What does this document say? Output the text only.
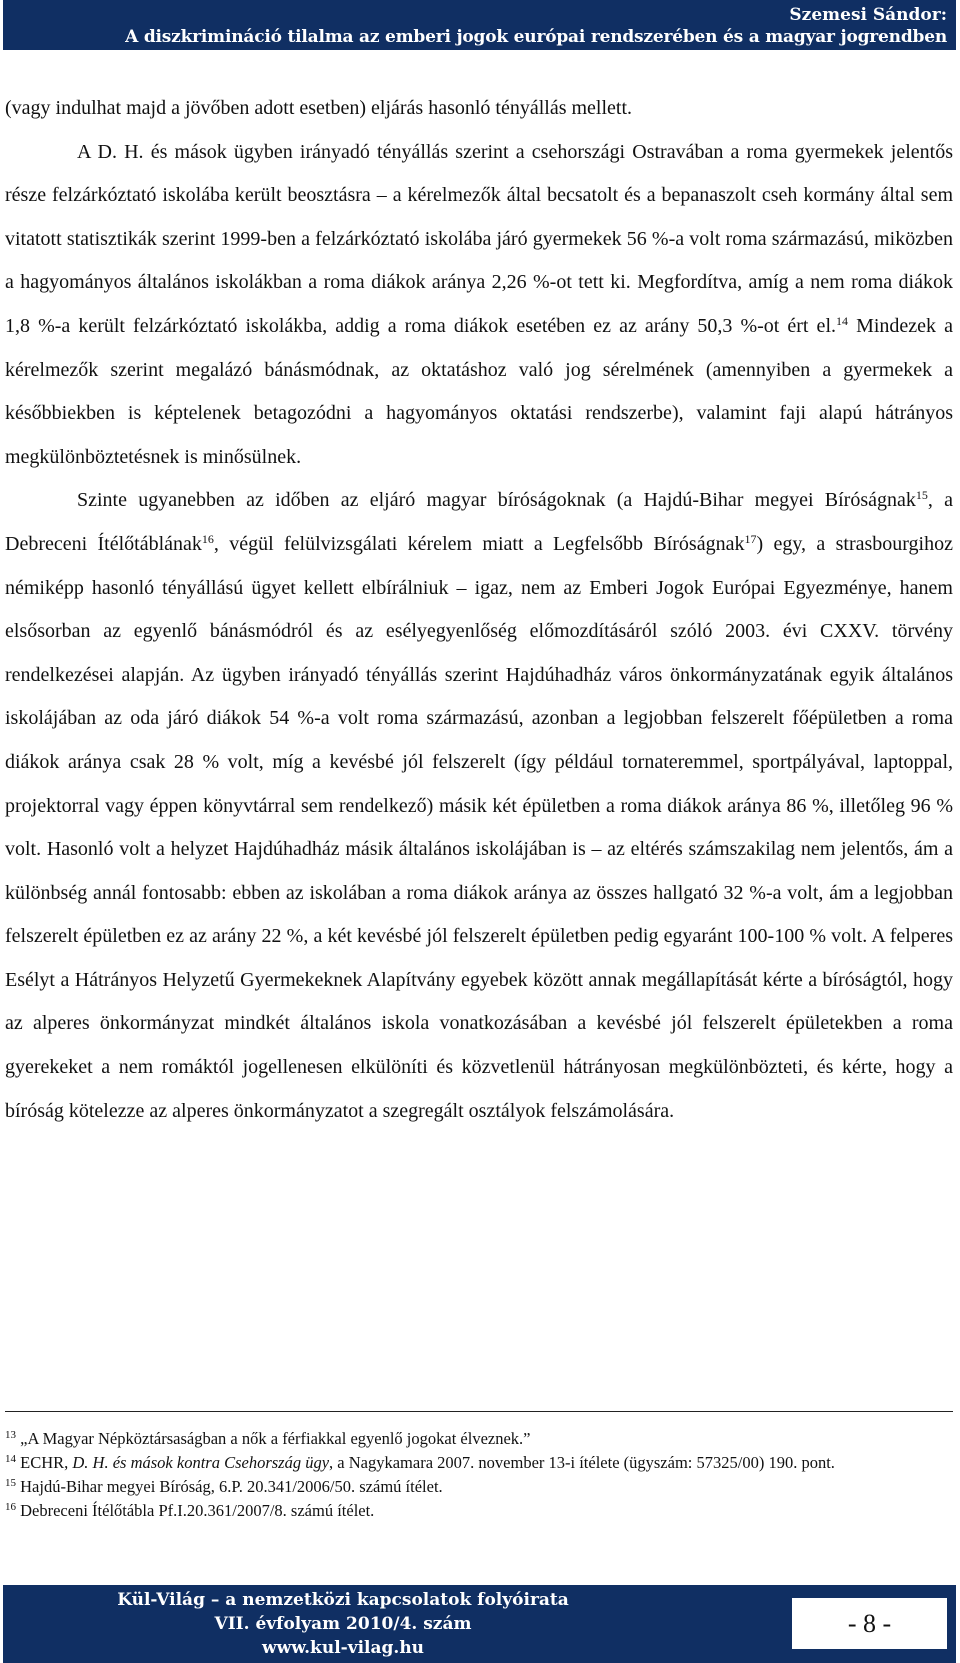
Szemesi Sándor:
A diszkrimináció tilalma az emberi jogok európai rendszerében és a magyar jogrendben

(vagy indulhat majd a jövőben adott esetben) eljárás hasonló tényállás mellett.

A D. H. és mások ügyben irányadó tényállás szerint a csehországi Ostravában a roma gyermekek jelentős része felzárkóztató iskolába került beosztásra – a kérelmezők által becsatolt és a bepanaszolt cseh kormány által sem vitatott statisztikák szerint 1999-ben a felzárkóztató iskolába járó gyermekek 56 %-a volt roma származású, miközben a hagyományos általános iskolákban a roma diákok aránya 2,26 %-ot tett ki. Megfordítva, amíg a nem roma diákok 1,8 %-a került felzárkóztató iskolákba, addig a roma diákok esetében ez az arány 50,3 %-ot ért el.$^{14}$ Mindezek a kérelmezők szerint megalázó bánásmódnak, az oktatáshoz való jog sérelmének (amennyiben a gyermekek a későbbiekben is képtelenek betagozódni a hagyományos oktatási rendszerbe), valamint faji alapú hátrányos megkülönböztetésnek is minősülnek.

Szinte ugyanebben az időben az eljáró magyar bíróságoknak (a Hajdú-Bihar megyei Bíróságnak$^{15}$, a Debreceni Ítélőtáblának$^{16}$, végül felülvizsgálati kérelem miatt a Legfelsőbb Bíróságnak$^{17}$) egy, a strasbourgihoz némiképp hasonló tényállású ügyet kellett elbírálniuk – igaz, nem az Emberi Jogok Európai Egyezménye, hanem elsősorban az egyenlő bánásmódról és az esélyegyenlőség előmozdításáról szóló 2003. évi CXXV. törvény rendelkezései alapján. Az ügyben irányadó tényállás szerint Hajdúhadház város önkormányzatának egyik általános iskolájában az oda járó diákok 54 %-a volt roma származású, azonban a legjobban felszerelt főépületben a roma diákok aránya csak 28 % volt, míg a kevésbé jól felszerelt (így például tornateremmel, sportpályával, laptoppal, projektorral vagy éppen könyvtárral sem rendelkező) másik két épületben a roma diákok aránya 86 %, illetőleg 96 % volt. Hasonló volt a helyzet Hajdúhadház másik általános iskolájában is – az eltérés számszakilag nem jelentős, ám a különbség annál fontosabb: ebben az iskolában a roma diákok aránya az összes hallgató 32 %-a volt, ám a legjobban felszerelt épületben ez az arány 22 %, a két kevésbé jól felszerelt épületben pedig egyaránt 100-100 % volt. A felperes Esélyt a Hátrányos Helyzetű Gyermekeknek Alapítvány egyebek között annak megállapítását kérte a bíróságtól, hogy az alperes önkormányzat mindkét általános iskola vonatkozásában a kevésbé jól felszerelt épületekben a roma gyerekeket a nem romáktól jogellenesen elkülöníti és közvetlenül hátrányosan megkülönbözteti, és kérte, hogy a bíróság kötelezze az alperes önkormányzatot a szegregált osztályok felszámolására.

$^{13}$ „A Magyar Népköztársaságban a nők a férfiakkal egyenlő jogokat élveznek.”
$^{14}$ ECHR, D. H. és mások kontra Csehország ügy, a Nagykamara 2007. november 13-i ítélete (ügyszám: 57325/00) 190. pont.
$^{15}$ Hajdú-Bihar megyei Bíróság, 6.P. 20.341/2006/50. számú ítélet.
$^{16}$ Debreceni Ítélőtábla Pf.I.20.361/2007/8. számú ítélet.
Kül-Világ – a nemzetközi kapcsolatok folyóirata
VII. évfolyam 2010/4. szám
www.kul-vilag.hu
- 8 -
